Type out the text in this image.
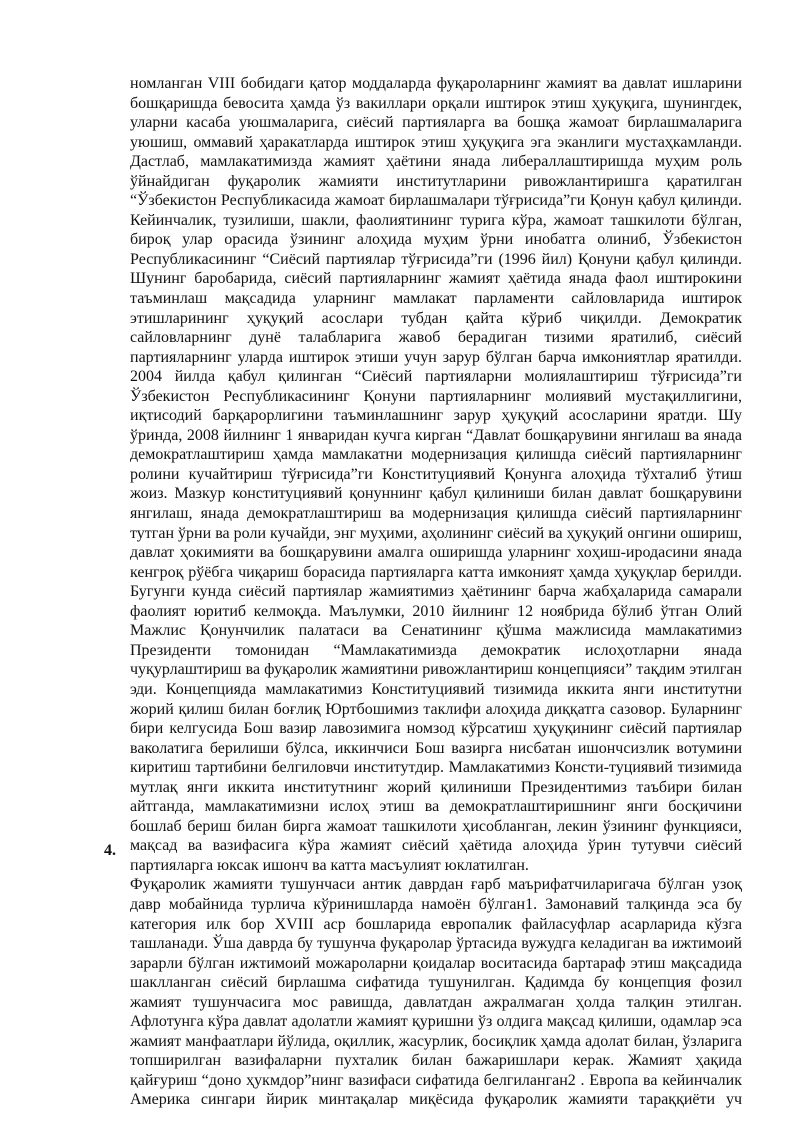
номланган VIII бобидаги қатор моддаларда фуқароларнинг жамият ва давлат ишларини
бошқаришда бевосита ҳамда ўз вакиллари орқали иштирок этиш ҳуқуқига, шунингдек,
уларни касаба уюшмаларига, сиёсий партияларга ва бошқа жамоат бирлашмаларига
уюшиш, оммавий ҳаракатларда иштирок этиш ҳуқуқига эга эканлиги мустаҳкамланди.
Дастлаб, мамлакатимизда жамият ҳаётини янада либераллаштиришда муҳим роль
ўйнайдиган фуқаролик жамияти институтларини ривожлантиришга қаратилган
“Ўзбекистон Республикасида жамоат бирлашмалари тўғрисида”ги Қонун қабул қилинди.
Кейинчалик, тузилиши, шакли, фаолиятининг турига кўра, жамоат ташкилоти бўлган,
бироқ улар орасида ўзининг алоҳида муҳим ўрни инобатга олиниб, Ўзбекистон
Республикасининг “Сиёсий партиялар тўғрисида”ги (1996 йил) Қонуни қабул қилинди.
Шунинг баробарида, сиёсий партияларнинг жамият ҳаётида янада фаол иштирокини
таъминлаш мақсадида уларнинг мамлакат парламенти сайловларида иштирок
этишларининг ҳуқуқий асослари тубдан қайта кўриб чиқилди. Демократик
сайловларнинг дунё талабларига жавоб берадиган тизими яратилиб, сиёсий
партияларнинг уларда иштирок этиши учун зарур бўлган барча имкониятлар яратилди.
2004 йилда қабул қилинган “Сиёсий партияларни молиялаштириш тўғрисида”ги
Ўзбекистон Республикасининг Қонуни партияларнинг молиявий мустақиллигини,
иқтисодий барқарорлигини таъминлашнинг зарур ҳуқуқий асосларини яратди. Шу
ўринда, 2008 йилнинг 1 январидан кучга кирган “Давлат бошқарувини янгилаш ва янада
демократлаштириш ҳамда мамлакатни модернизация қилишда сиёсий партияларнинг
ролини кучайтириш тўғрисида”ги Конституциявий Қонунга алоҳида тўхталиб ўтиш
жоиз. Мазкур конституциявий қонуннинг қабул қилиниши билан давлат бошқарувини
янгилаш, янада демократлаштириш ва модернизация қилишда сиёсий партияларнинг
тутган ўрни ва роли кучайди, энг муҳими, аҳолининг сиёсий ва ҳуқуқий онгини ошириш,
давлат ҳокимияти ва бошқарувини амалга оширишда уларнинг хоҳиш-иродасини янада
кенгроқ рўёбга чиқариш борасида партияларга катта имконият ҳамда ҳуқуқлар берилди.
Бугунги кунда сиёсий партиялар жамиятимиз ҳаётининг барча жабҳаларида самарали
фаолият юритиб келмоқда. Маълумки, 2010 йилнинг 12 ноябрида бўлиб ўтган Олий
Мажлис Қонунчилик палатаси ва Сенатининг қўшма мажлисида мамлакатимиз
Президенти томонидан “Мамлакатимизда демократик ислоҳотларни янада
чуқурлаштириш ва фуқаролик жамиятини ривожлантириш концепцияси” тақдим этилган
эди. Концепцияда мамлакатимиз Конституциявий тизимида иккита янги институтни
жорий қилиш билан боғлиқ Юртбошимиз таклифи алоҳида диққатга сазовор. Буларнинг
бири келгусида Бош вазир лавозимига номзод кўрсатиш ҳуқуқининг сиёсий партиялар
ваколатига берилиши бўлса, иккинчиси Бош вазирга нисбатан ишончсизлик вотумини
киритиш тартибини белгиловчи институтдир. Мамлакатимиз Консти-туциявий тизимида
мутлақ янги иккита институтнинг жорий қилиниши Президентимиз таъбири билан
айтганда, мамлакатимизни ислоҳ этиш ва демократлаштиришнинг янги босқичини
бошлаб бериш билан бирга жамоат ташкилоти ҳисобланган, лекин ўзининг функцияси,
мақсад ва вазифасига кўра жамият сиёсий ҳаётида алоҳида ўрин тутувчи сиёсий
партияларга юксак ишонч ва катта масъулият юклатилган.
Фуқаролик жамияти тушунчаси антик даврдан ғарб маърифатчиларигача бўлган узоқ
давр мобайнида турлича кўринишларда намоён бўлган1. Замонавий талқинда эса бу
категория илк бор XVIII аср бошларида европалик файласуфлар асарларида кўзга
ташланади. Ўша даврда бу тушунча фуқаролар ўртасида вужудга келадиган ва ижтимоий
зарарли бўлган ижтимоий можароларни қоидалар воситасида бартараф этиш мақсадида
шаклланган сиёсий бирлашма сифатида тушунилган. Қадимда бу концепция фозил
жамият тушунчасига мос равишда, давлатдан ажралмаган ҳолда талқин этилган.
Афлотунга кўра давлат адолатли жамият қуришни ўз олдига мақсад қилиши, одамлар эса
жамият манфаатлари йўлида, оқиллик, жасурлик, босиқлик ҳамда адолат билан, ўзларига
топширилган вазифаларни пухталик билан бажаришлари керак. Жамият ҳақида
қайғуриш “доно ҳукмдор”нинг вазифаси сифатида белгиланган2 . Европа ва кейинчалик
Америка сингари йирик минтақалар миқёсида фуқаролик жамияти тараққиёти уч
4.
